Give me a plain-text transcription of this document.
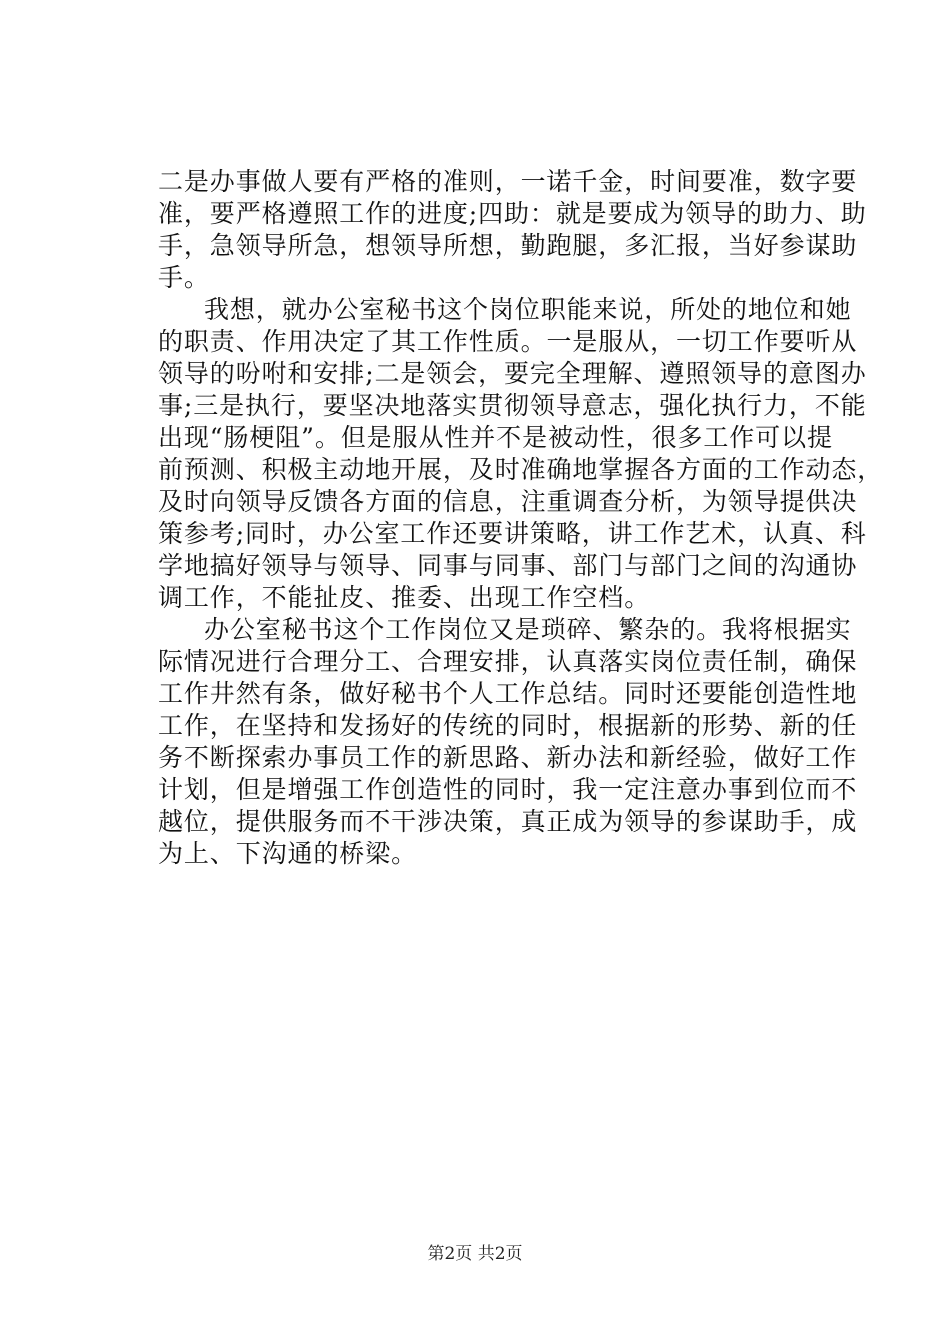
二是办事做人要有严格的准则，一诺千金，时间要准，数字要
准，要严格遵照工作的进度;四助：就是要成为领导的助力、助
手，急领导所急，想领导所想，勤跑腿，多汇报，当好参谋助
手。
我想，就办公室秘书这个岗位职能来说，所处的地位和她
的职责、作用决定了其工作性质。一是服从，一切工作要听从
领导的吩咐和安排;二是领会，要完全理解、遵照领导的意图办
事;三是执行，要坚决地落实贯彻领导意志，强化执行力，不能
出现“肠梗阻”。但是服从性并不是被动性，很多工作可以提
前预测、积极主动地开展，及时准确地掌握各方面的工作动态，
及时向领导反馈各方面的信息，注重调查分析，为领导提供决
策参考;同时，办公室工作还要讲策略，讲工作艺术，认真、科
学地搞好领导与领导、同事与同事、部门与部门之间的沟通协
调工作，不能扯皮、推委、出现工作空档。
办公室秘书这个工作岗位又是琐碎、繁杂的。我将根据实
际情况进行合理分工、合理安排，认真落实岗位责任制，确保
工作井然有条，做好秘书个人工作总结。同时还要能创造性地
工作，在坚持和发扬好的传统的同时，根据新的形势、新的任
务不断探索办事员工作的新思路、新办法和新经验，做好工作
计划，但是增强工作创造性的同时，我一定注意办事到位而不
越位，提供服务而不干涉决策，真正成为领导的参谋助手，成
为上、下沟通的桥梁。
第2页 共2页
